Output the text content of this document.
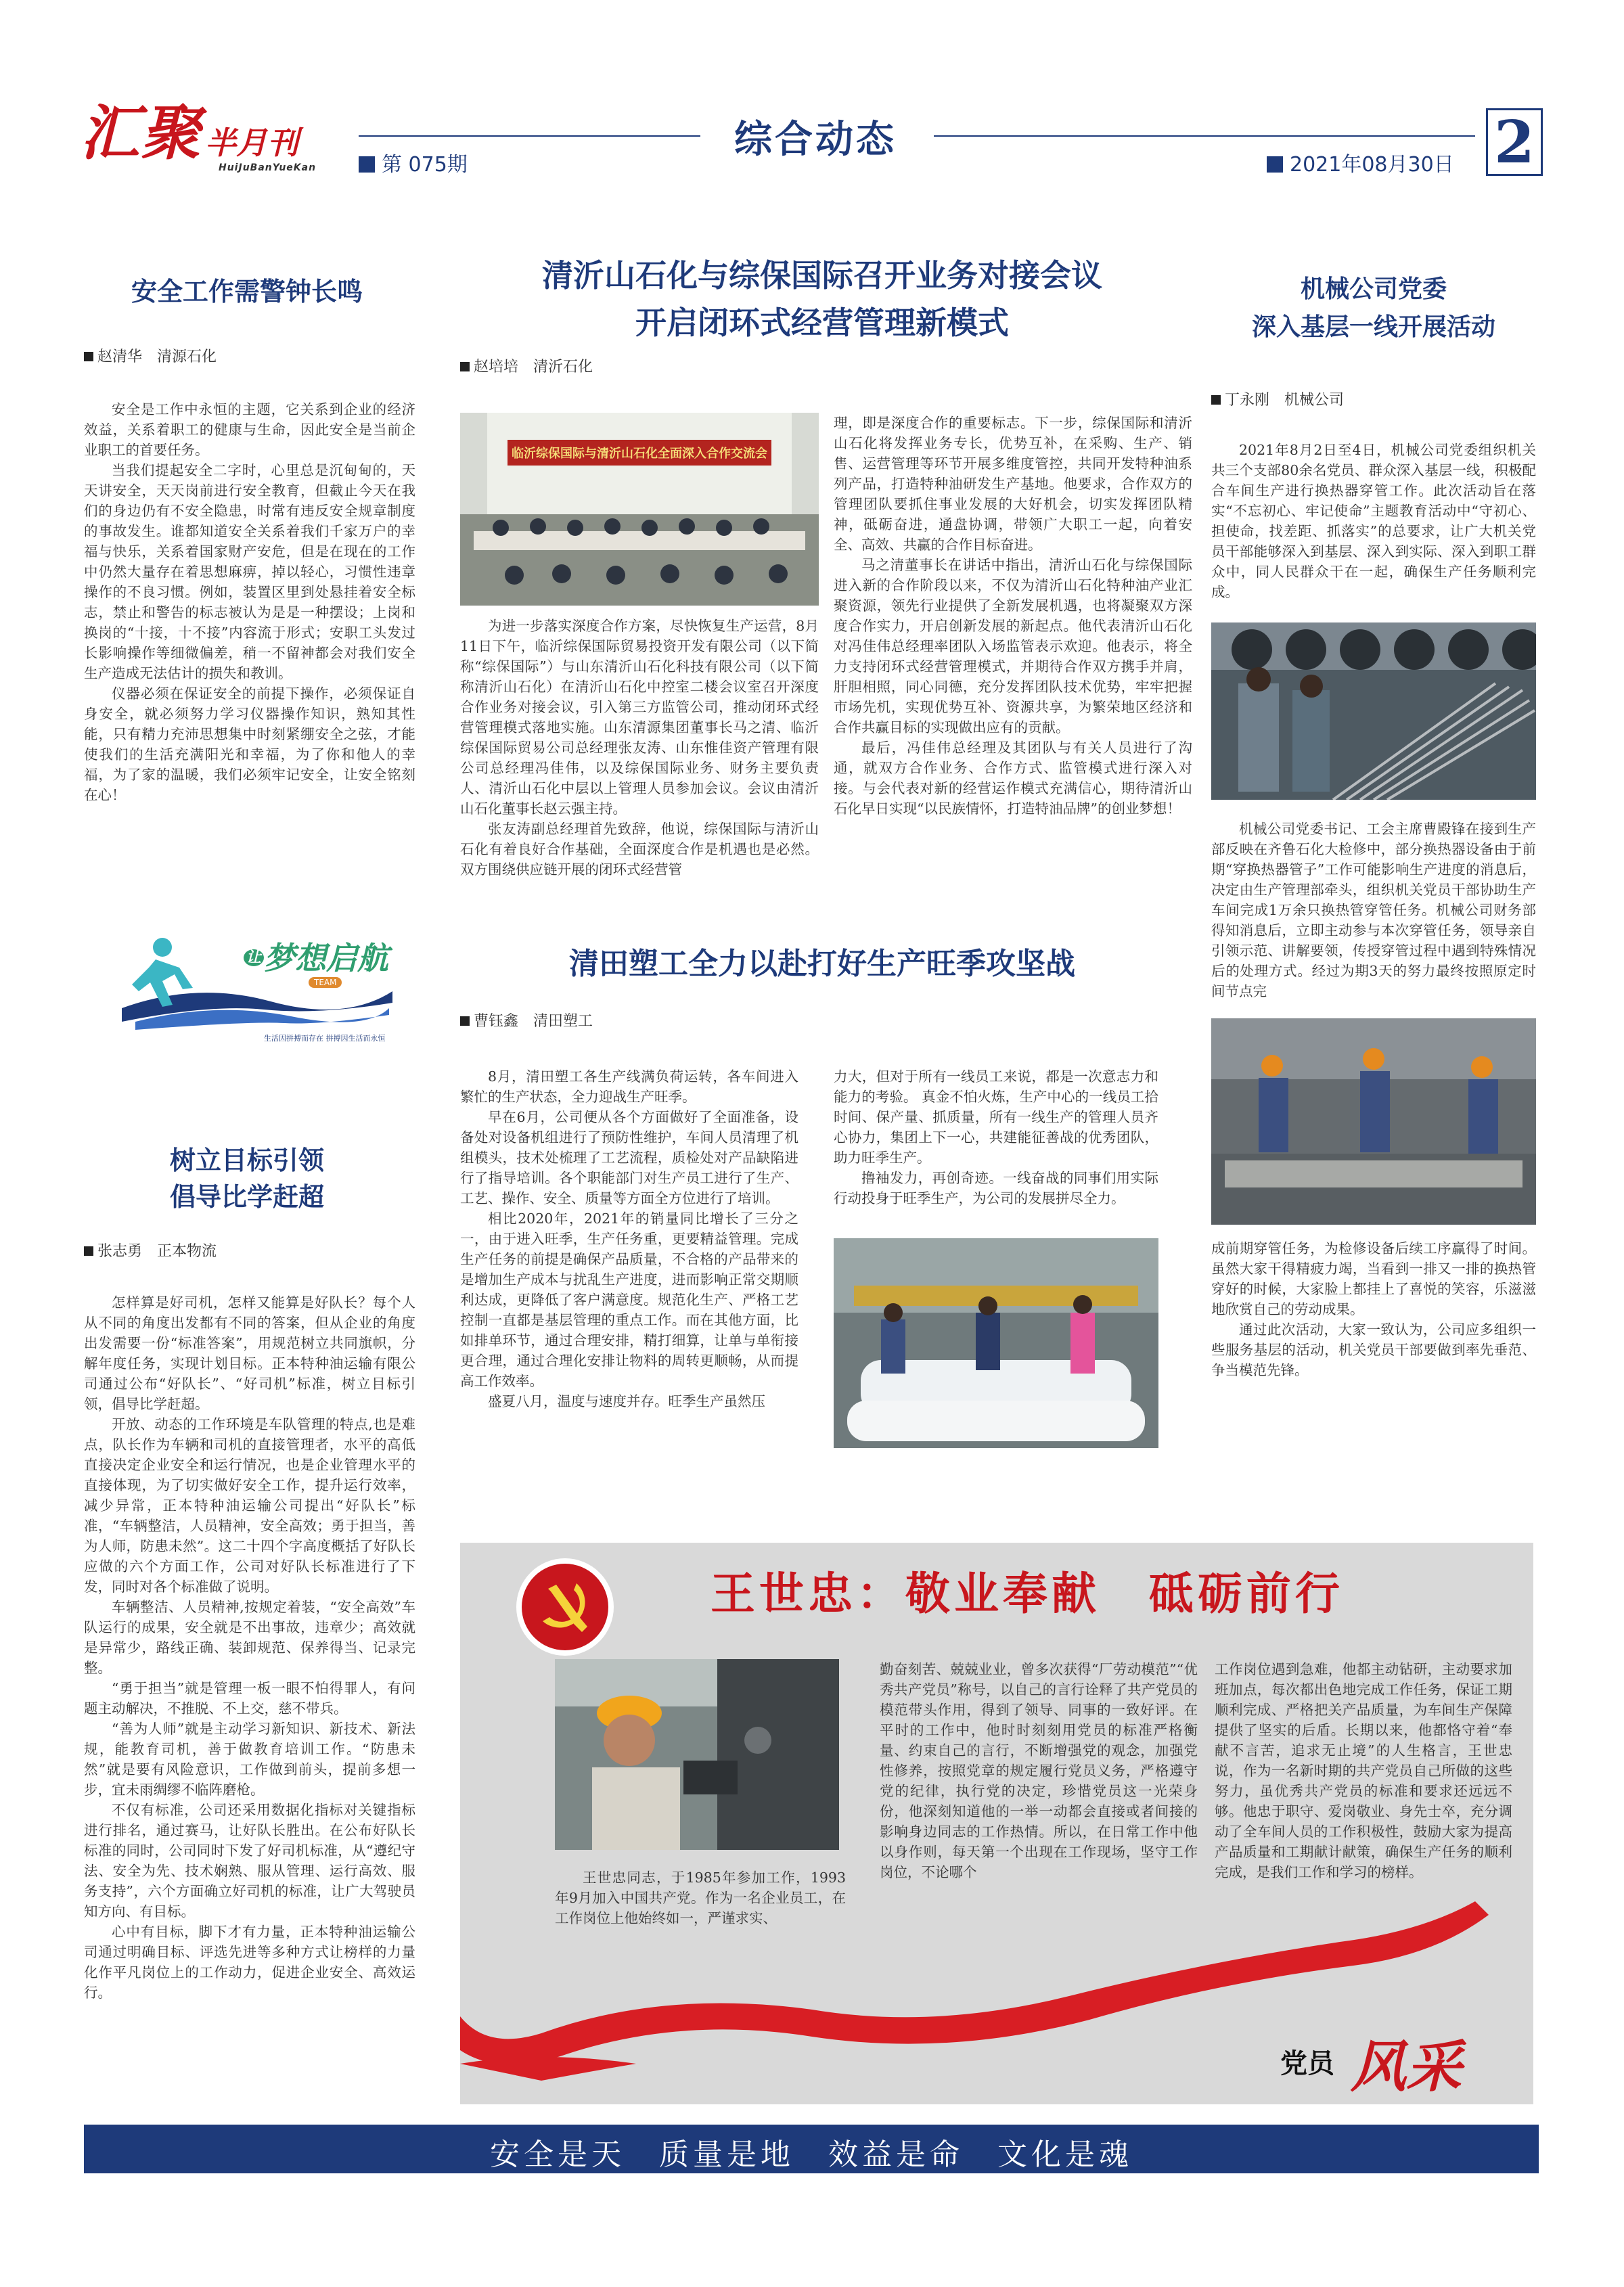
汇聚 半月刊
HuiJuBanYueKan
综合动态
第 075期	2021年08月30日 2
安全工作需警钟长鸣
赵清华　清源石化

安全是工作中永恒的主题，它关系到企业的经济效益，关系着职工的健康与生命，因此安全是当前企业职工的首要任务。

当我们提起安全二字时，心里总是沉甸甸的，天天讲安全，天天岗前进行安全教育，但截止今天在我们的身边仍有不安全隐患，时常有违反安全规章制度的事故发生。谁都知道安全关系着我们千家万户的幸福与快乐，关系着国家财产安危，但是在现在的工作中仍然大量存在着思想麻痹，掉以轻心，习惯性违章操作的不良习惯。例如，装置区里到处悬挂着安全标志，禁止和警告的标志被认为是是一种摆设；上岗和换岗的“十接，十不接”内容流于形式；安职工头发过长影响操作等细微偏差，稍一不留神都会对我们安全生产造成无法估计的损失和教训。

仪器必须在保证安全的前提下操作，必须保证自身安全，就必须努力学习仪器操作知识，熟知其性能，只有精力充沛思想集中时刻紧绷安全之弦，才能使我们的生活充满阳光和幸福，为了你和他人的幸福，为了家的温暖，我们必须牢记安全，让安全铭刻在心！

$^让$梦想启航
TEAM
生活因拼搏而存在 拼搏因生活而永恒
树立目标引领
倡导比学赶超
张志勇　正本物流

怎样算是好司机，怎样又能算是好队长？每个人从不同的角度出发都有不同的答案，但从企业的角度出发需要一份“标准答案”，用规范树立共同旗帜，分解年度任务，实现计划目标。正本特种油运输有限公司通过公布“好队长”、“好司机”标准，树立目标引领，倡导比学赶超。

开放、动态的工作环境是车队管理的特点,也是难点，队长作为车辆和司机的直接管理者，水平的高低直接决定企业安全和运行情况，也是企业管理水平的直接体现，为了切实做好安全工作，提升运行效率，减少异常，正本特种油运输公司提出“好队长”标准，“车辆整洁，人员精神，安全高效；勇于担当，善为人师，防患未然”。这二十四个字高度概括了好队长应做的六个方面工作，公司对好队长标准进行了下发，同时对各个标准做了说明。

车辆整洁、人员精神,按规定着装，“安全高效”车队运行的成果，安全就是不出事故，违章少；高效就是异常少，路线正确、装卸规范、保养得当、记录完整。

“勇于担当”就是管理一板一眼不怕得罪人，有问题主动解决，不推脱、不上交，慈不带兵。

“善为人师”就是主动学习新知识、新技术、新法规，能教育司机，善于做教育培训工作。“防患未然”就是要有风险意识，工作做到前头，提前多想一步，宜未雨绸缪不临阵磨枪。

不仅有标准，公司还采用数据化指标对关键指标进行排名，通过赛马，让好队长胜出。在公布好队长标准的同时，公司同时下发了好司机标准，从“遵纪守法、安全为先、技术娴熟、服从管理、运行高效、服务支持”，六个方面确立好司机的标准，让广大驾驶员知方向、有目标。

心中有目标，脚下才有力量，正本特种油运输公司通过明确目标、评选先进等多种方式让榜样的力量化作平凡岗位上的工作动力，促进企业安全、高效运行。

清沂山石化与综保国际召开业务对接会议
开启闭环式经营管理新模式
赵培培　清沂石化
临沂综保国际与清沂山石化全面深入合作交流会

为进一步落实深度合作方案，尽快恢复生产运营，8月11日下午，临沂综保国际贸易投资开发有限公司（以下简称“综保国际”）与山东清沂山石化科技有限公司（以下简称清沂山石化）在清沂山石化中控室二楼会议室召开深度合作业务对接会议，引入第三方监管公司，推动闭环式经营管理模式落地实施。山东清源集团董事长马之清、临沂综保国际贸易公司总经理张友涛、山东惟佳资产管理有限公司总经理冯佳伟，以及综保国际业务、财务主要负责人、清沂山石化中层以上管理人员参加会议。会议由清沂山石化董事长赵云强主持。

张友涛副总经理首先致辞，他说，综保国际与清沂山石化有着良好合作基础，全面深度合作是机遇也是必然。双方围绕供应链开展的闭环式经营管

理，即是深度合作的重要标志。下一步，综保国际和清沂山石化将发挥业务专长，优势互补，在采购、生产、销售、运营管理等环节开展多维度管控，共同开发特种油系列产品，打造特种油研发生产基地。他要求，合作双方的管理团队要抓住事业发展的大好机会，切实发挥团队精神，砥砺奋进，通盘协调，带领广大职工一起，向着安全、高效、共赢的合作目标奋进。

马之清董事长在讲话中指出，清沂山石化与综保国际进入新的合作阶段以来，不仅为清沂山石化特种油产业汇聚资源，领先行业提供了全新发展机遇，也将凝聚双方深度合作实力，开启创新发展的新起点。他代表清沂山石化对冯佳伟总经理率团队入场监管表示欢迎。他表示，将全力支持闭环式经营管理模式，并期待合作双方携手并肩，肝胆相照，同心同德，充分发挥团队技术优势，牢牢把握市场先机，实现优势互补、资源共享，为繁荣地区经济和合作共赢目标的实现做出应有的贡献。

最后，冯佳伟总经理及其团队与有关人员进行了沟通，就双方合作业务、合作方式、监管模式进行深入对接。与会代表对新的经营运作模式充满信心，期待清沂山石化早日实现“以民族情怀，打造特油品牌”的创业梦想！

清田塑工全力以赴打好生产旺季攻坚战
曹钰鑫　清田塑工

8月，清田塑工各生产线满负荷运转，各车间进入繁忙的生产状态，全力迎战生产旺季。

早在6月，公司便从各个方面做好了全面准备，设备处对设备机组进行了预防性维护，车间人员清理了机组模头，技术处梳理了工艺流程，质检处对产品缺陷进行了指导培训。各个职能部门对生产员工进行了生产、工艺、操作、安全、质量等方面全方位进行了培训。

相比2020年，2021年的销量同比增长了三分之一，由于进入旺季，生产任务重，更要精益管理。完成生产任务的前提是确保产品质量，不合格的产品带来的是增加生产成本与扰乱生产进度，进而影响正常交期顺利达成，更降低了客户满意度。规范化生产、严格工艺控制一直都是基层管理的重点工作。而在其他方面，比如排单环节，通过合理安排，精打细算，让单与单衔接更合理，通过合理化安排让物料的周转更顺畅，从而提高工作效率。

盛夏八月，温度与速度并存。旺季生产虽然压

力大，但对于所有一线员工来说，都是一次意志力和能力的考验。 真金不怕火炼，生产中心的一线员工拾时间、保产量、抓质量，所有一线生产的管理人员齐心协力，集团上下一心，共建能征善战的优秀团队，助力旺季生产。

撸袖发力，再创奇迹。一线奋战的同事们用实际行动投身于旺季生产，为公司的发展拼尽全力。

机械公司党委
深入基层一线开展活动
丁永刚　机械公司

2021年8月2日至4日，机械公司党委组织机关共三个支部80余名党员、群众深入基层一线，积极配合车间生产进行换热器穿管工作。此次活动旨在落实“不忘初心、牢记使命”主题教育活动中“守初心、担使命，找差距、抓落实”的总要求，让广大机关党员干部能够深入到基层、深入到实际、深入到职工群众中，同人民群众干在一起，确保生产任务顺利完成。

机械公司党委书记、工会主席曹殿锋在接到生产部反映在齐鲁石化大检修中，部分换热器设备由于前期“穿换热器管子”工作可能影响生产进度的消息后，决定由生产管理部牵头，组织机关党员干部协助生产车间完成1万余只换热管穿管任务。机械公司财务部得知消息后，立即主动参与本次穿管任务，领导亲自引领示范、讲解要领，传授穿管过程中遇到特殊情况后的处理方式。经过为期3天的努力最终按照原定时间节点完

成前期穿管任务，为检修设备后续工序赢得了时间。虽然大家干得精疲力竭，当看到一排又一排的换热管穿好的时候，大家脸上都挂上了喜悦的笑容，乐滋滋地欣赏自己的劳动成果。

通过此次活动，大家一致认为，公司应多组织一些服务基层的活动，机关党员干部要做到率先垂范、争当模范先锋。

王世忠：敬业奉献　砥砺前行

王世忠同志，于1985年参加工作，1993年9月加入中国共产党。作为一名企业员工，在工作岗位上他始终如一，严谨求实、

勤奋刻苦、兢兢业业，曾多次获得“厂劳动模范”“优秀共产党员”称号，以自己的言行诠释了共产党员的模范带头作用，得到了领导、同事的一致好评。在平时的工作中，他时时刻刻用党员的标准严格衡量、约束自己的言行，不断增强党的观念，加强党性修养，按照党章的规定履行党员义务，严格遵守党的纪律，执行党的决定，珍惜党员这一光荣身份，他深刻知道他的一举一动都会直接或者间接的影响身边同志的工作热情。所以，在日常工作中他以身作则，每天第一个出现在工作现场，坚守工作岗位，不论哪个

工作岗位遇到急难，他都主动钻研，主动要求加班加点，每次都出色地完成工作任务，保证工期顺利完成、严格把关产品质量，为车间生产保障提供了坚实的后盾。长期以来，他都恪守着“奉献不言苦，追求无止境”的人生格言，王世忠说，作为一名新时期的共产党员自己所做的这些努力，虽优秀共产党员的标准和要求还远远不够。他忠于职守、爱岗敬业、身先士卒，充分调动了全车间人员的工作积极性，鼓励大家为提高产品质量和工期献计献策，确保生产任务的顺利完成，是我们工作和学习的榜样。

党员 风采
安全是天　质量是地　效益是命　文化是魂
